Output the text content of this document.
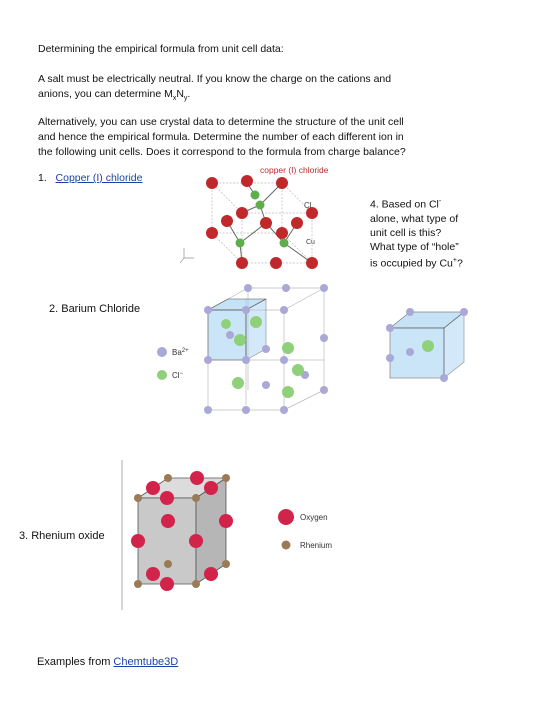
Determining the empirical formula from unit cell data:
A salt must be electrically neutral. If you know the charge on the cations and
anions, you can determine $M_xN_y$.
Alternatively, you can use crystal data to determine the structure of the unit cell
and hence the empirical formula. Determine the number of each different ion in
the following unit cells. Does it correspond to the formula from charge balance?
1. Copper (I) chloride
copper (I) chloride
Cl
Cu
4. Based on Cl-
alone, what type of
unit cell is this?
What type of “hole”
is occupied by Cu+?
2. Barium Chloride
$Ba^{2+}$
Cl−
3. Rhenium oxide
Oxygen
Rhenium
Examples from Chemtube3D
